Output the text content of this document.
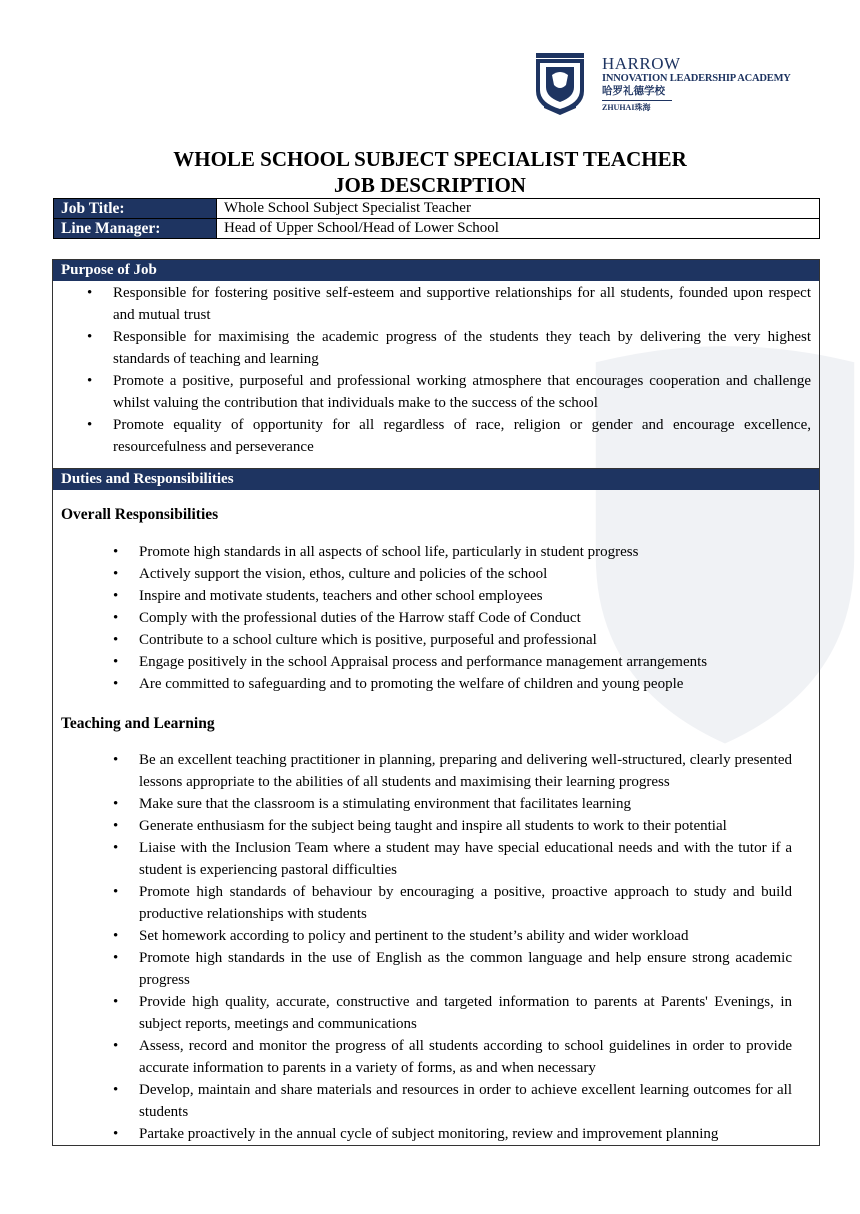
HARROW
INNOVATION LEADERSHIP ACADEMY
哈罗礼德学校
ZHUHAI珠海
WHOLE SCHOOL SUBJECT SPECIALIST TEACHER
JOB DESCRIPTION
Job Title:	Whole School Subject Specialist Teacher
Line Manager:	Head of Upper School/Head of Lower School
Purpose of Job
• Responsible for fostering positive self-esteem and supportive relationships for all students, founded upon respect and mutual trust
• Responsible for maximising the academic progress of the students they teach by delivering the very highest standards of teaching and learning
• Promote a positive, purposeful and professional working atmosphere that encourages cooperation and challenge whilst valuing the contribution that individuals make to the success of the school
• Promote equality of opportunity for all regardless of race, religion or gender and encourage excellence, resourcefulness and perseverance
Duties and Responsibilities
Overall Responsibilities
• Promote high standards in all aspects of school life, particularly in student progress
• Actively support the vision, ethos, culture and policies of the school
• Inspire and motivate students, teachers and other school employees
• Comply with the professional duties of the Harrow staff Code of Conduct
• Contribute to a school culture which is positive, purposeful and professional
• Engage positively in the school Appraisal process and performance management arrangements
• Are committed to safeguarding and to promoting the welfare of children and young people
Teaching and Learning
• Be an excellent teaching practitioner in planning, preparing and delivering well-structured, clearly presented lessons appropriate to the abilities of all students and maximising their learning progress
• Make sure that the classroom is a stimulating environment that facilitates learning
• Generate enthusiasm for the subject being taught and inspire all students to work to their potential
• Liaise with the Inclusion Team where a student may have special educational needs and with the tutor if a student is experiencing pastoral difficulties
• Promote high standards of behaviour by encouraging a positive, proactive approach to study and build productive relationships with students
• Set homework according to policy and pertinent to the student’s ability and wider workload
• Promote high standards in the use of English as the common language and help ensure strong academic progress
• Provide high quality, accurate, constructive and targeted information to parents at Parents' Evenings, in subject reports, meetings and communications
• Assess, record and monitor the progress of all students according to school guidelines in order to provide accurate information to parents in a variety of forms, as and when necessary
• Develop, maintain and share materials and resources in order to achieve excellent learning outcomes for all students
• Partake proactively in the annual cycle of subject monitoring, review and improvement planning
